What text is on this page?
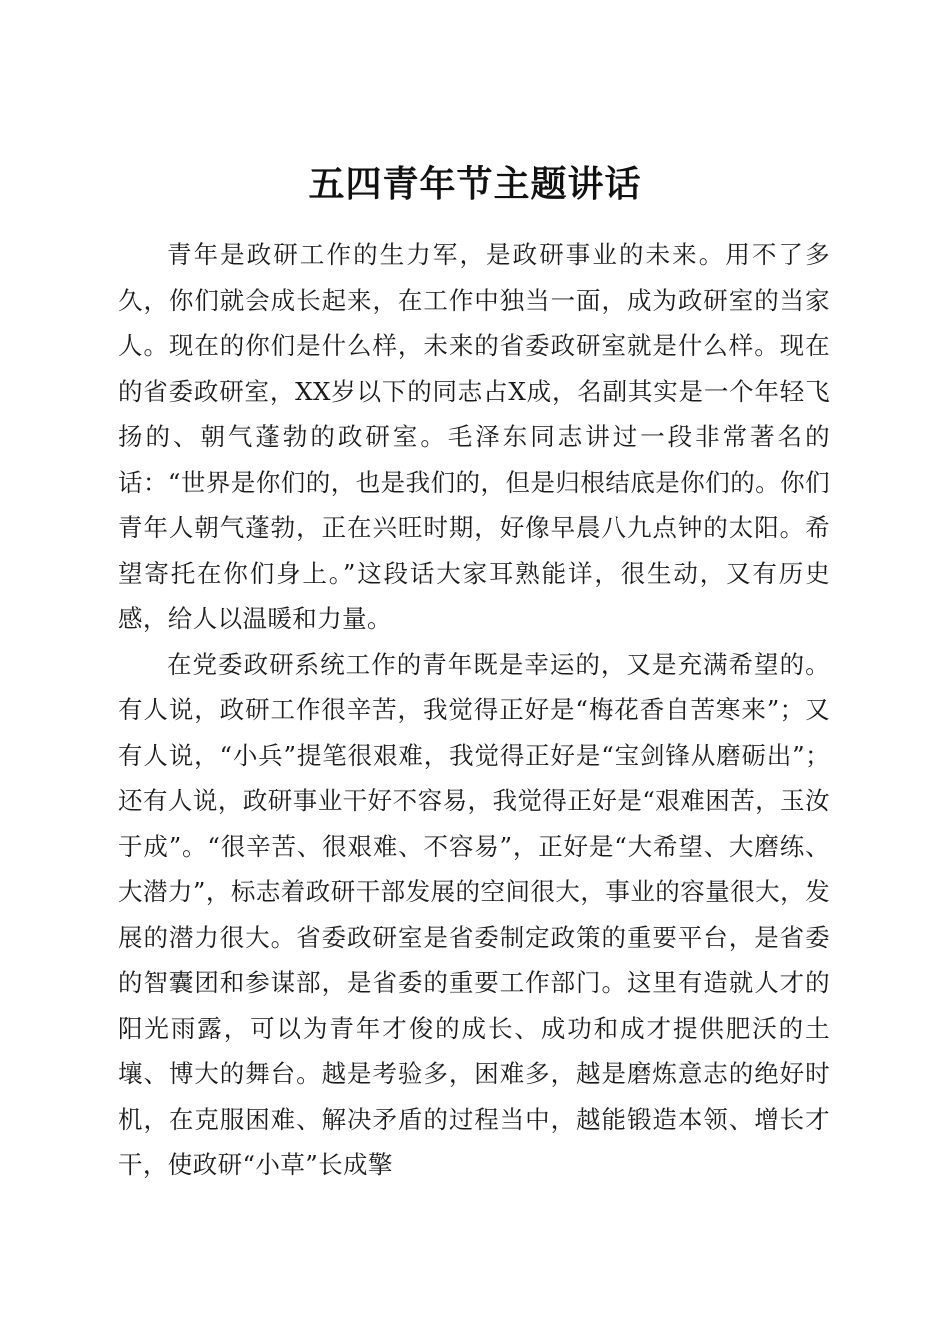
五四青年节主题讲话

青年是政研工作的生力军，是政研事业的未来。用不了多久，你们就会成长起来，在工作中独当一面，成为政研室的当家人。现在的你们是什么样，未来的省委政研室就是什么样。现在的省委政研室，XX岁以下的同志占X成，名副其实是一个年轻飞扬的、朝气蓬勃的政研室。毛泽东同志讲过一段非常著名的话：“世界是你们的，也是我们的，但是归根结底是你们的。你们青年人朝气蓬勃，正在兴旺时期，好像早晨八九点钟的太阳。希望寄托在你们身上。”这段话大家耳熟能详，很生动，又有历史感，给人以温暖和力量。

在党委政研系统工作的青年既是幸运的，又是充满希望的。有人说，政研工作很辛苦，我觉得正好是“梅花香自苦寒来”；又有人说，“小兵”提笔很艰难，我觉得正好是“宝剑锋从磨砺出”；还有人说，政研事业干好不容易，我觉得正好是“艰难困苦，玉汝于成”。“很辛苦、很艰难、不容易”，正好是“大希望、大磨练、大潜力”，标志着政研干部发展的空间很大，事业的容量很大，发展的潜力很大。省委政研室是省委制定政策的重要平台，是省委的智囊团和参谋部，是省委的重要工作部门。这里有造就人才的阳光雨露，可以为青年才俊的成长、成功和成才提供肥沃的土壤、博大的舞台。越是考验多，困难多，越是磨炼意志的绝好时机，在克服困难、解决矛盾的过程当中，越能锻造本领、增长才干，使政研“小草”长成擎
